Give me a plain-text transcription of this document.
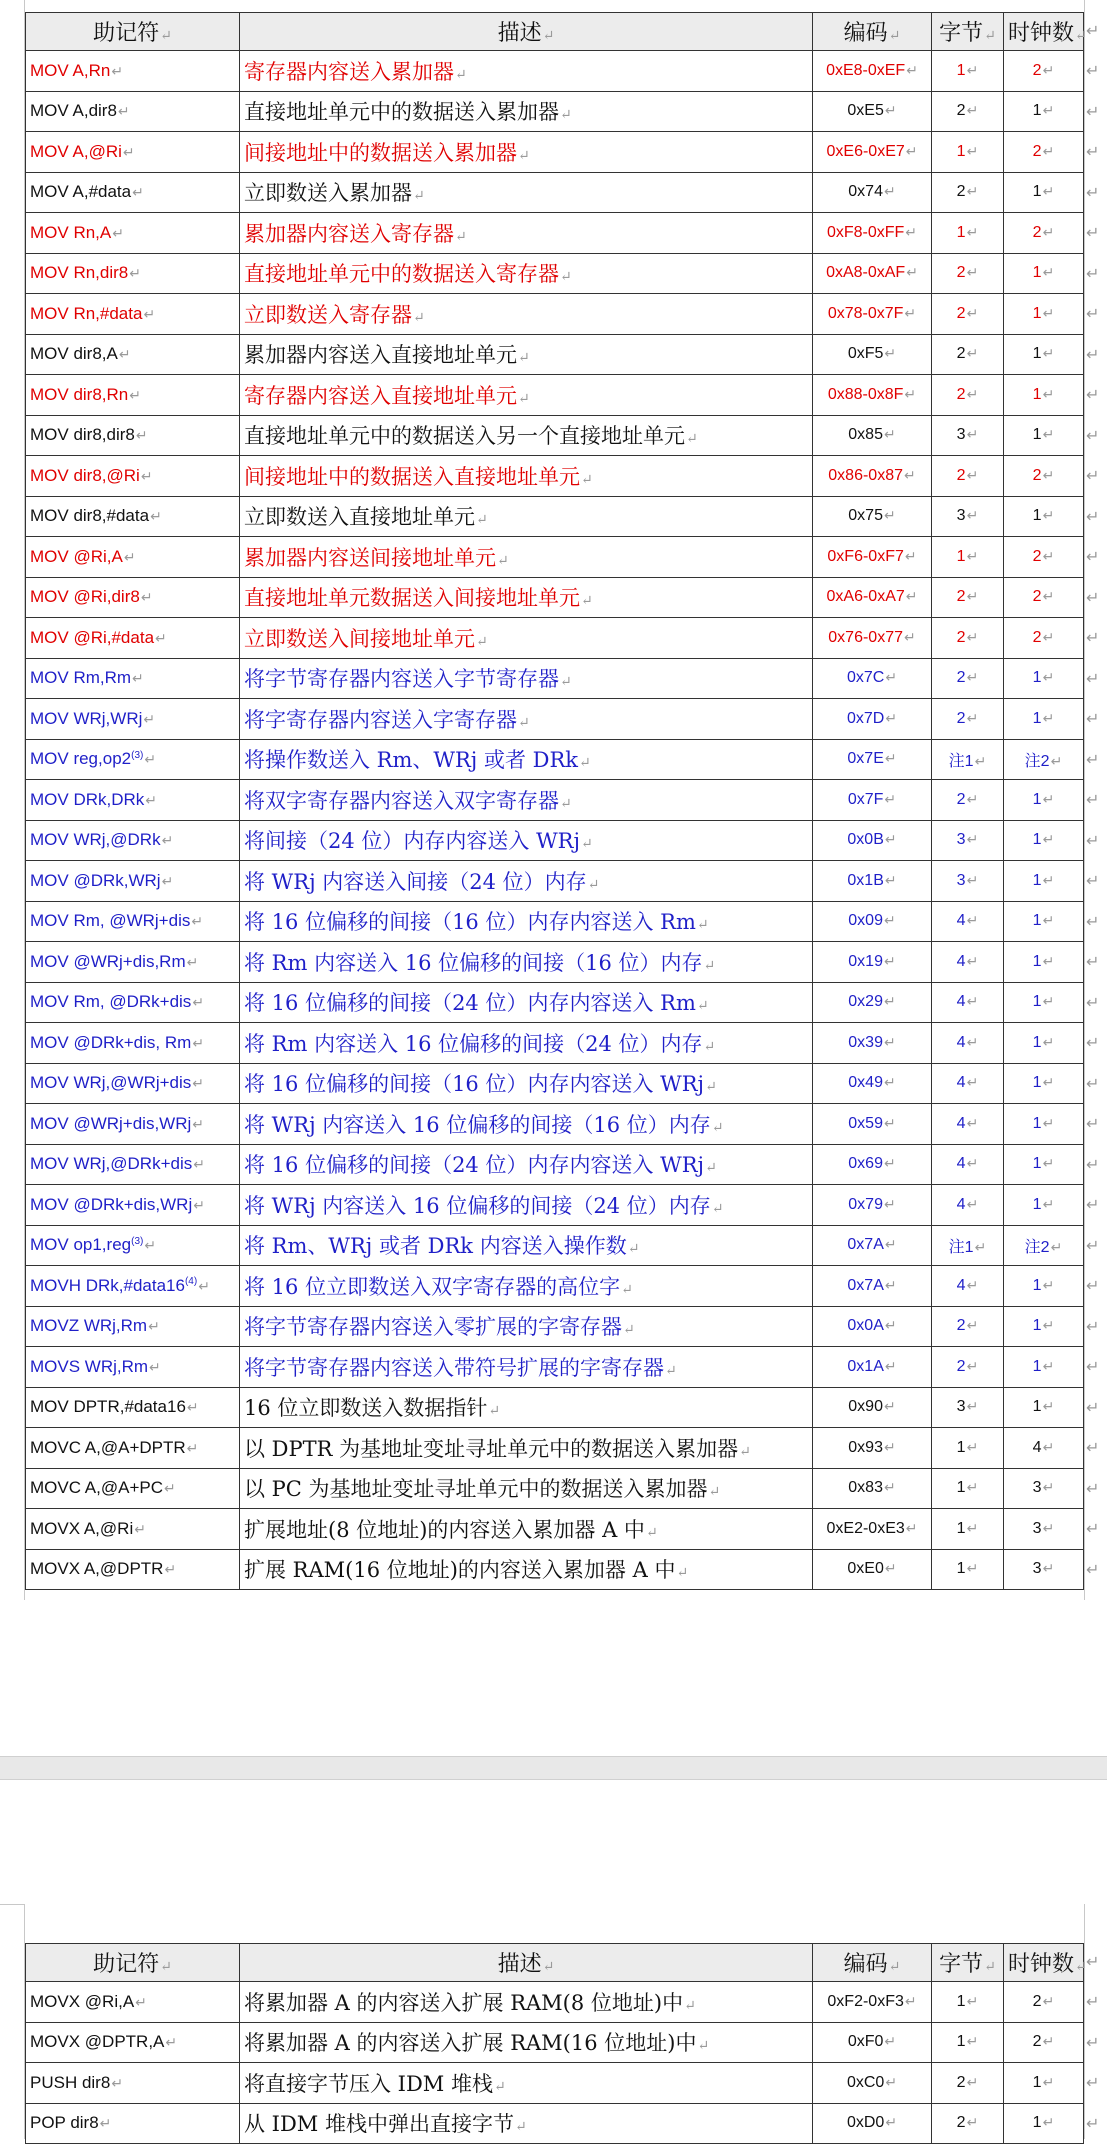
助记符↵	描述↵	编码↵	字节↵	时钟数↵
MOV A,Rn↵	寄存器内容送入累加器↵	0xE8-0xEF↵	1↵	2↵
MOV A,dir8↵	直接地址单元中的数据送入累加器↵	0xE5↵	2↵	1↵
MOV A,@Ri↵	间接地址中的数据送入累加器↵	0xE6-0xE7↵	1↵	2↵
MOV A,#data↵	立即数送入累加器↵	0x74↵	2↵	1↵
MOV Rn,A↵	累加器内容送入寄存器↵	0xF8-0xFF↵	1↵	2↵
MOV Rn,dir8↵	直接地址单元中的数据送入寄存器↵	0xA8-0xAF↵	2↵	1↵
MOV Rn,#data↵	立即数送入寄存器↵	0x78-0x7F↵	2↵	1↵
MOV dir8,A↵	累加器内容送入直接地址单元↵	0xF5↵	2↵	1↵
MOV dir8,Rn↵	寄存器内容送入直接地址单元↵	0x88-0x8F↵	2↵	1↵
MOV dir8,dir8↵	直接地址单元中的数据送入另一个直接地址单元↵	0x85↵	3↵	1↵
MOV dir8,@Ri↵	间接地址中的数据送入直接地址单元↵	0x86-0x87↵	2↵	2↵
MOV dir8,#data↵	立即数送入直接地址单元↵	0x75↵	3↵	1↵
MOV @Ri,A↵	累加器内容送间接地址单元↵	0xF6-0xF7↵	1↵	2↵
MOV @Ri,dir8↵	直接地址单元数据送入间接地址单元↵	0xA6-0xA7↵	2↵	2↵
MOV @Ri,#data↵	立即数送入间接地址单元↵	0x76-0x77↵	2↵	2↵
MOV Rm,Rm↵	将字节寄存器内容送入字节寄存器↵	0x7C↵	2↵	1↵
MOV WRj,WRj↵	将字寄存器内容送入字寄存器↵	0x7D↵	2↵	1↵
MOV reg,op2$^{(3)}$↵	将操作数送入 Rm、WRj 或者 DRk↵	0x7E↵	注1↵	注2↵
MOV DRk,DRk↵	将双字寄存器内容送入双字寄存器↵	0x7F↵	2↵	1↵
MOV WRj,@DRk↵	将间接（24 位）内存内容送入 WRj↵	0x0B↵	3↵	1↵
MOV @DRk,WRj↵	将 WRj 内容送入间接（24 位）内存↵	0x1B↵	3↵	1↵
MOV Rm, @WRj+dis↵	将 16 位偏移的间接（16 位）内存内容送入 Rm↵	0x09↵	4↵	1↵
MOV @WRj+dis,Rm↵	将 Rm 内容送入 16 位偏移的间接（16 位）内存↵	0x19↵	4↵	1↵
MOV Rm, @DRk+dis↵	将 16 位偏移的间接（24 位）内存内容送入 Rm↵	0x29↵	4↵	1↵
MOV @DRk+dis, Rm↵	将 Rm 内容送入 16 位偏移的间接（24 位）内存↵	0x39↵	4↵	1↵
MOV WRj,@WRj+dis↵	将 16 位偏移的间接（16 位）内存内容送入 WRj↵	0x49↵	4↵	1↵
MOV @WRj+dis,WRj↵	将 WRj 内容送入 16 位偏移的间接（16 位）内存↵	0x59↵	4↵	1↵
MOV WRj,@DRk+dis↵	将 16 位偏移的间接（24 位）内存内容送入 WRj↵	0x69↵	4↵	1↵
MOV @DRk+dis,WRj↵	将 WRj 内容送入 16 位偏移的间接（24 位）内存↵	0x79↵	4↵	1↵
MOV op1,reg$^{(3)}$↵	将 Rm、WRj 或者 DRk 内容送入操作数↵	0x7A↵	注1↵	注2↵
MOVH DRk,#data16$^{(4)}$↵	将 16 位立即数送入双字寄存器的高位字↵	0x7A↵	4↵	1↵
MOVZ WRj,Rm↵	将字节寄存器内容送入零扩展的字寄存器↵	0x0A↵	2↵	1↵
MOVS WRj,Rm↵	将字节寄存器内容送入带符号扩展的字寄存器↵	0x1A↵	2↵	1↵
MOV DPTR,#data16↵	16 位立即数送入数据指针↵	0x90↵	3↵	1↵
MOVC A,@A+DPTR↵	以 DPTR 为基地址变址寻址单元中的数据送入累加器↵	0x93↵	1↵	4↵
MOVC A,@A+PC↵	以 PC 为基地址变址寻址单元中的数据送入累加器↵	0x83↵	1↵	3↵
MOVX A,@Ri↵	扩展地址(8 位地址)的内容送入累加器 A 中↵	0xE2-0xE3↵	1↵	3↵
MOVX A,@DPTR↵	扩展 RAM(16 位地址)的内容送入累加器 A 中↵	0xE0↵	1↵	3↵
↵
↵
↵
↵
↵
↵
↵
↵
↵
↵
↵
↵
↵
↵
↵
↵
↵
↵
↵
↵
↵
↵
↵
↵
↵
↵
↵
↵
↵
↵
↵
↵
↵
↵
↵
↵
↵
↵
↵
助记符↵	描述↵	编码↵	字节↵	时钟数↵
MOVX @Ri,A↵	将累加器 A 的内容送入扩展 RAM(8 位地址)中↵	0xF2-0xF3↵	1↵	2↵
MOVX @DPTR,A↵	将累加器 A 的内容送入扩展 RAM(16 位地址)中↵	0xF0↵	1↵	2↵
PUSH dir8↵	将直接字节压入 IDM 堆栈↵	0xC0↵	2↵	1↵
POP dir8↵	从 IDM 堆栈中弹出直接字节↵	0xD0↵	2↵	1↵
↵
↵
↵
↵
↵
